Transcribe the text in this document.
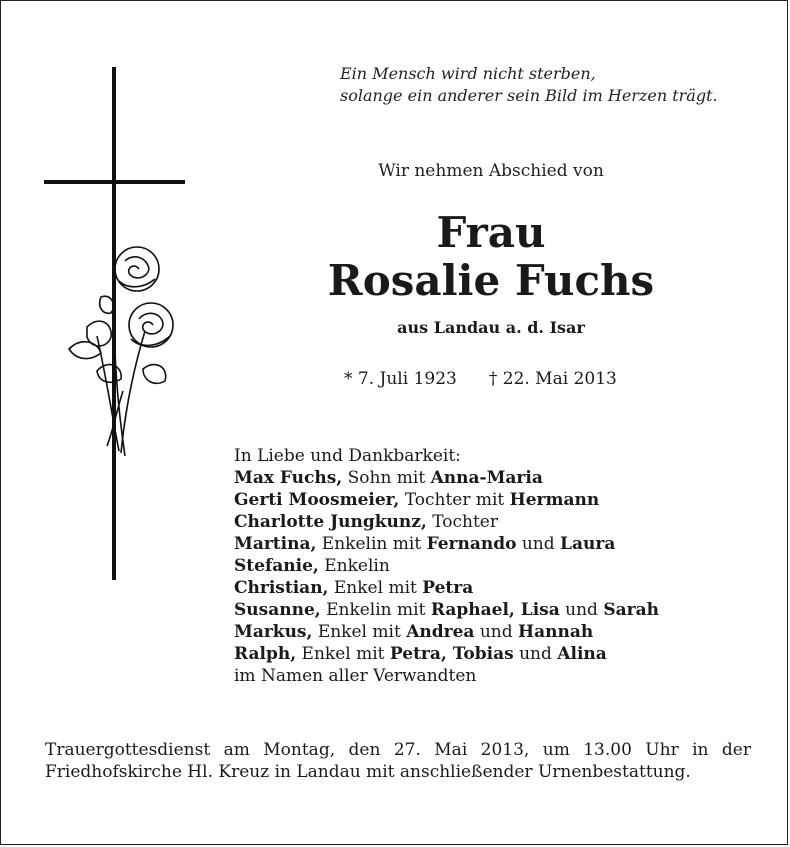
Ein Mensch wird nicht sterben,
solange ein anderer sein Bild im Herzen trägt.
Wir nehmen Abschied von
Frau
Rosalie Fuchs
aus Landau a. d. Isar
* 7. Juli 1923 † 22. Mai 2013
In Liebe und Dankbarkeit:
Max Fuchs, Sohn mit Anna-Maria
Gerti Moosmeier, Tochter mit Hermann
Charlotte Jungkunz, Tochter
Martina, Enkelin mit Fernando und Laura
Stefanie, Enkelin
Christian, Enkel mit Petra
Susanne, Enkelin mit Raphael, Lisa und Sarah
Markus, Enkel mit Andrea und Hannah
Ralph, Enkel mit Petra, Tobias und Alina
im Namen aller Verwandten
Trauergottesdienst am Montag, den 27. Mai 2013, um 13.00 Uhr in der
Friedhofskirche Hl. Kreuz in Landau mit anschließender Urnenbestattung.
